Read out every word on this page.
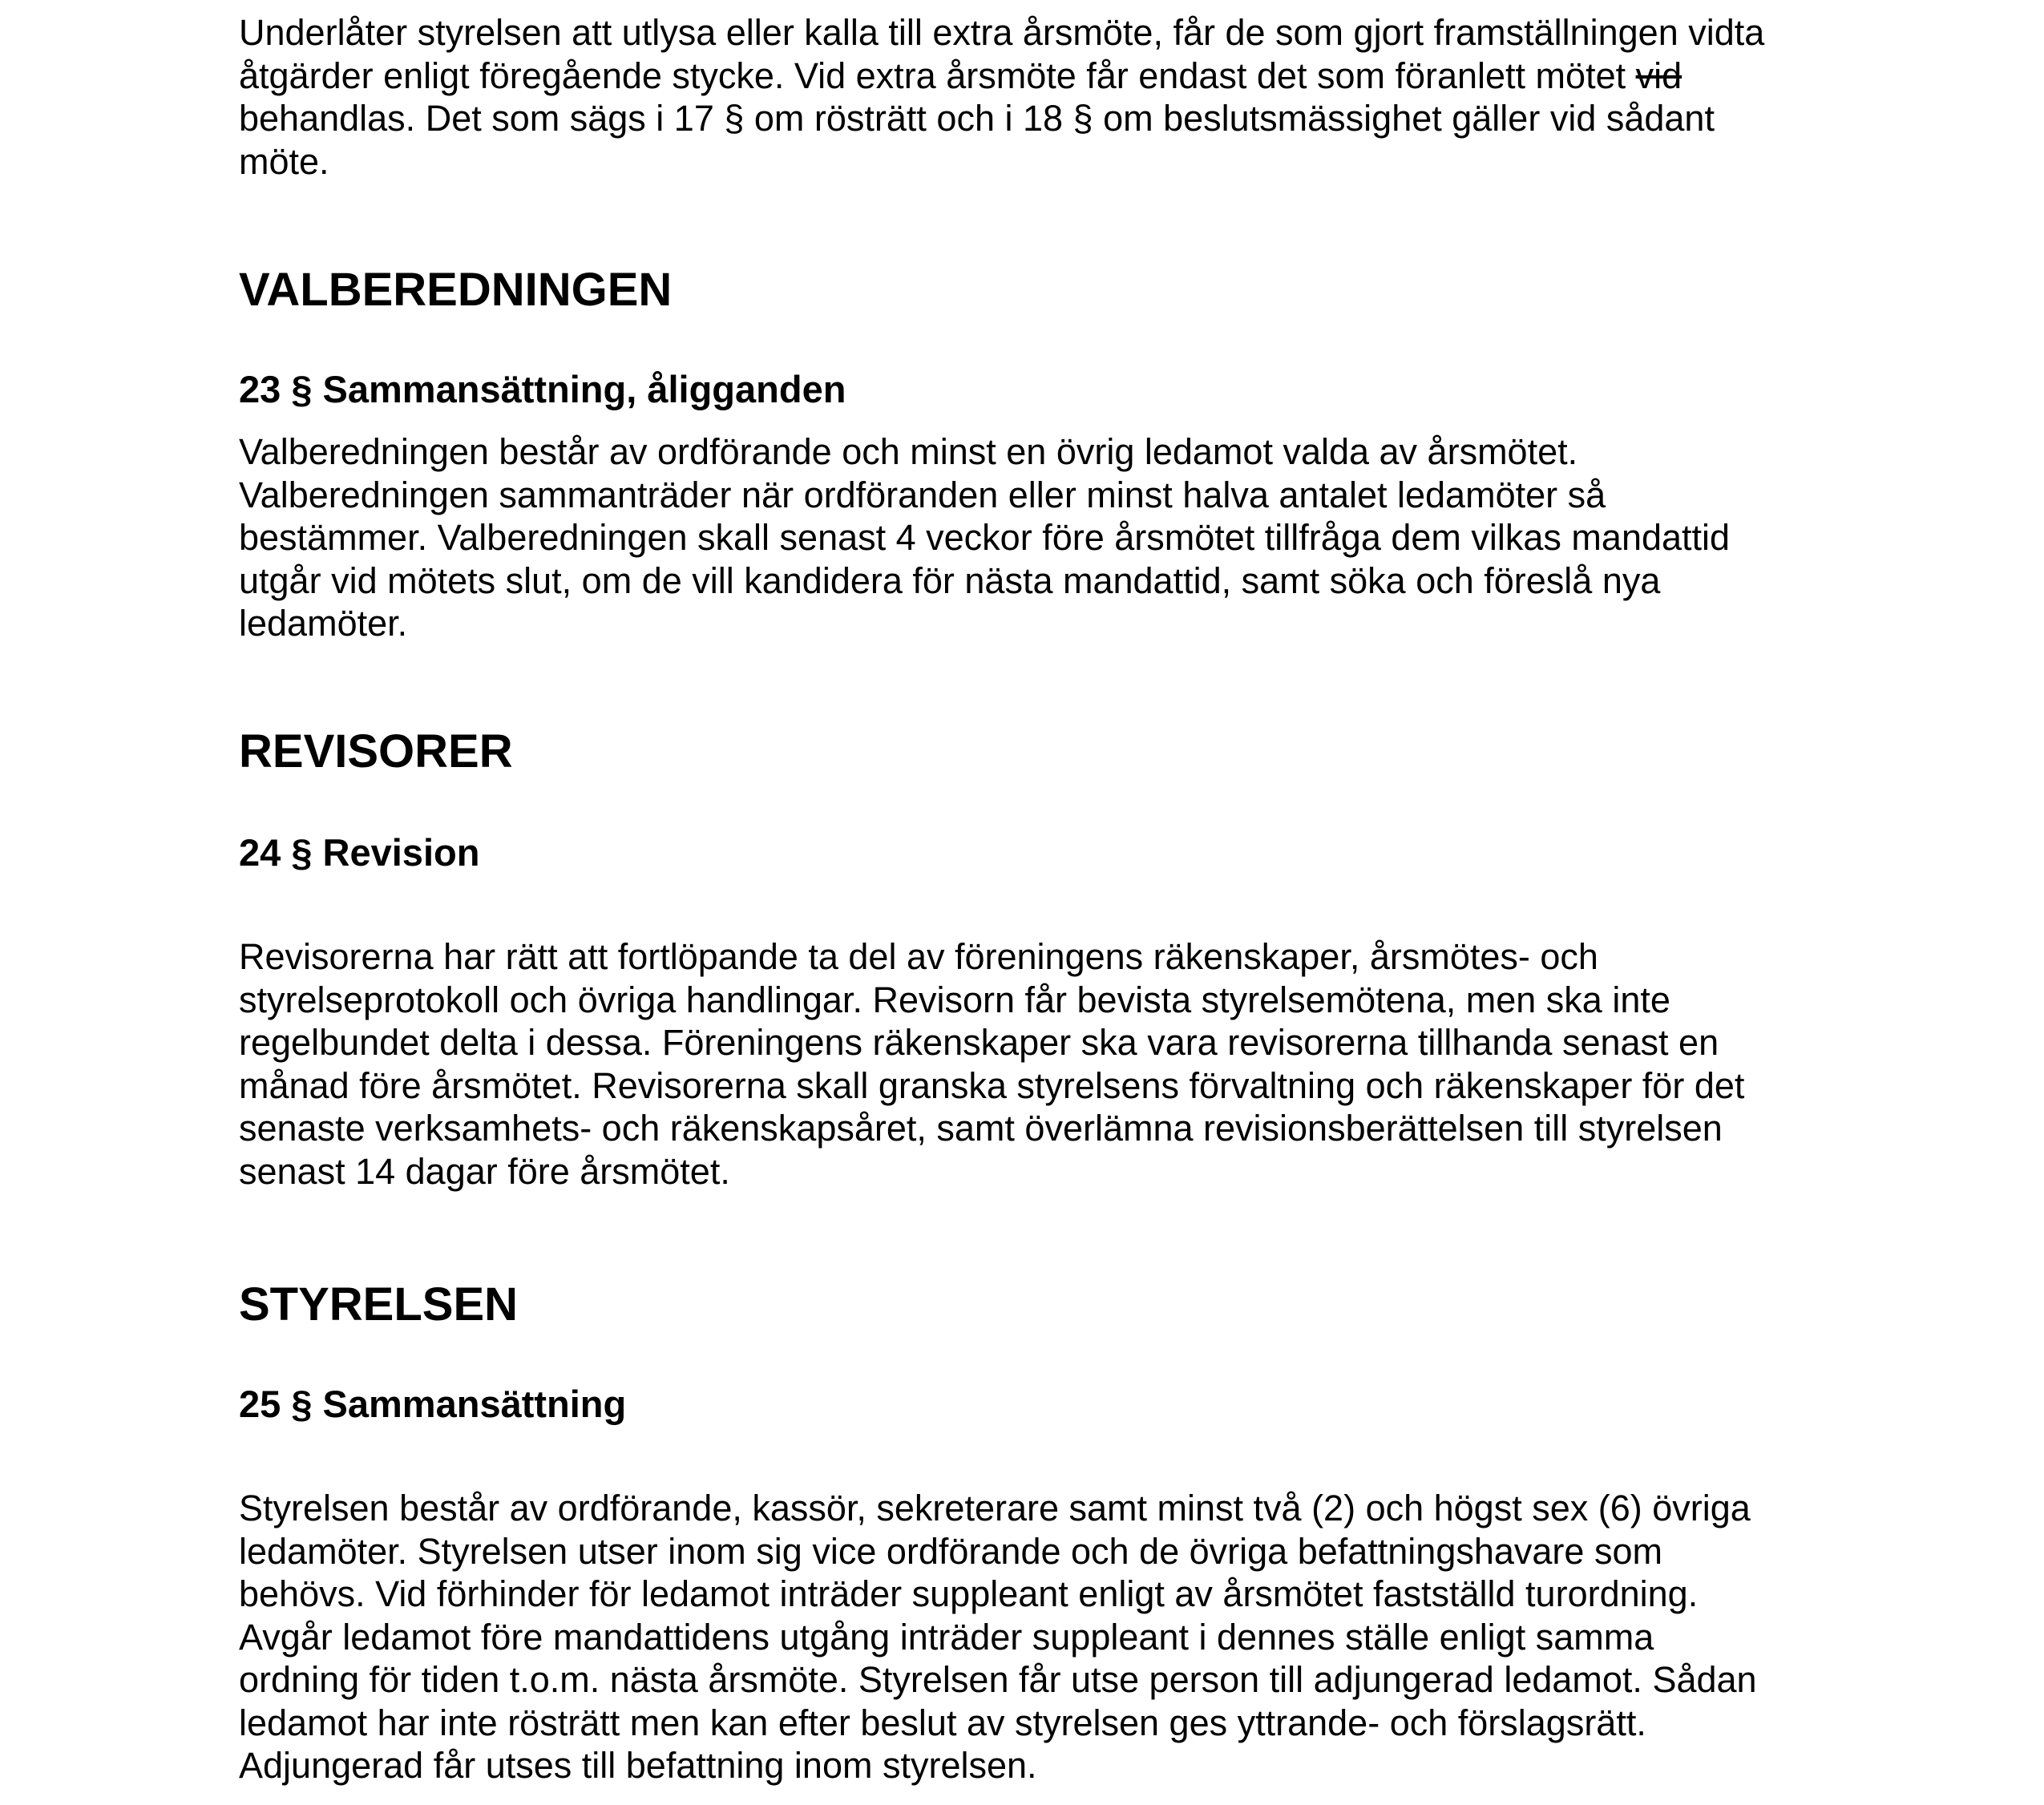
Underlåter styrelsen att utlysa eller kalla till extra årsmöte, får de som gjort framställningen vidta
åtgärder enligt föregående stycke. Vid extra årsmöte får endast det som föranlett mötet vid
behandlas. Det som sägs i 17 § om rösträtt och i 18 § om beslutsmässighet gäller vid sådant
möte.
VALBEREDNINGEN
23 § Sammansättning, åligganden
Valberedningen består av ordförande och minst en övrig ledamot valda av årsmötet.
Valberedningen sammanträder när ordföranden eller minst halva antalet ledamöter så
bestämmer. Valberedningen skall senast 4 veckor före årsmötet tillfråga dem vilkas mandattid
utgår vid mötets slut, om de vill kandidera för nästa mandattid, samt söka och föreslå nya
ledamöter.
REVISORER
24 § Revision
Revisorerna har rätt att fortlöpande ta del av föreningens räkenskaper, årsmötes- och
styrelseprotokoll och övriga handlingar. Revisorn får bevista styrelsemötena, men ska inte
regelbundet delta i dessa. Föreningens räkenskaper ska vara revisorerna tillhanda senast en
månad före årsmötet. Revisorerna skall granska styrelsens förvaltning och räkenskaper för det
senaste verksamhets- och räkenskapsåret, samt överlämna revisionsberättelsen till styrelsen
senast 14 dagar före årsmötet.
STYRELSEN
25 § Sammansättning
Styrelsen består av ordförande, kassör, sekreterare samt minst två (2) och högst sex (6) övriga
ledamöter. Styrelsen utser inom sig vice ordförande och de övriga befattningshavare som
behövs. Vid förhinder för ledamot inträder suppleant enligt av årsmötet fastställd turordning.
Avgår ledamot före mandattidens utgång inträder suppleant i dennes ställe enligt samma
ordning för tiden t.o.m. nästa årsmöte. Styrelsen får utse person till adjungerad ledamot. Sådan
ledamot har inte rösträtt men kan efter beslut av styrelsen ges yttrande- och förslagsrätt.
Adjungerad får utses till befattning inom styrelsen.
